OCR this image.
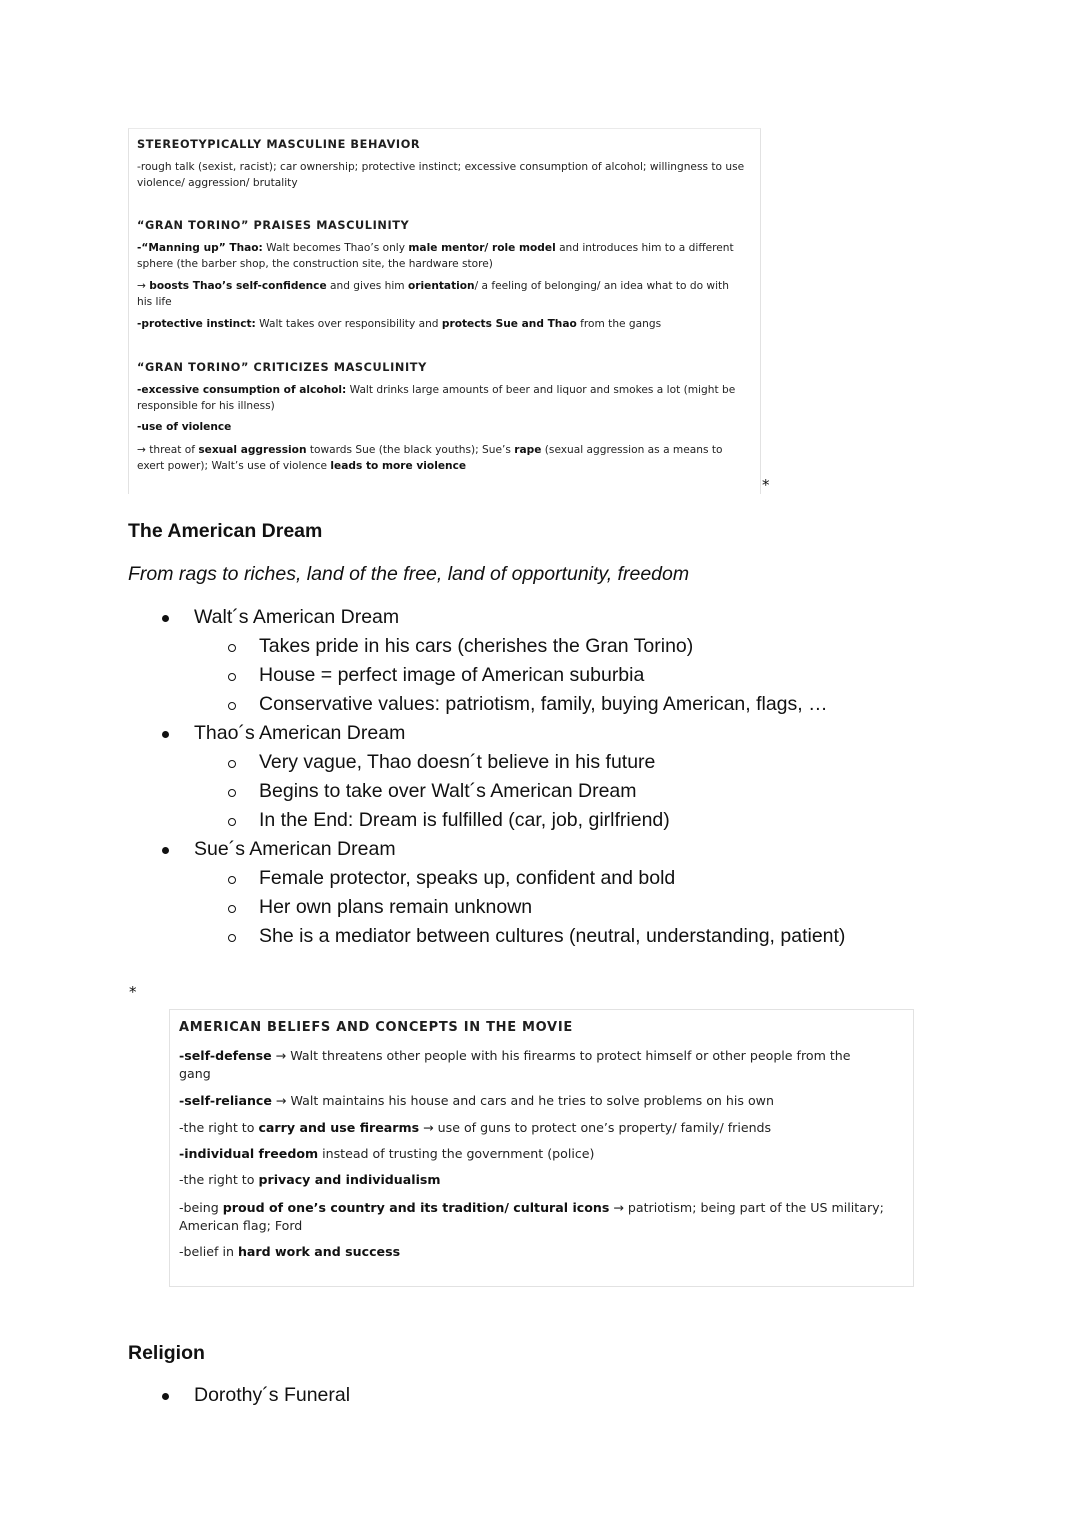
STEREOTYPICALLY MASCULINE BEHAVIOR
-rough talk (sexist, racist); car ownership; protective instinct; excessive consumption of alcohol; willingness to use
violence/ aggression/ brutality
“GRAN TORINO” PRAISES MASCULINITY
-“Manning up” Thao: Walt becomes Thao’s only male mentor/ role model and introduces him to a different
sphere (the barber shop, the construction site, the hardware store)
→ boosts Thao’s self-confidence and gives him orientation/ a feeling of belonging/ an idea what to do with
his life
-protective instinct: Walt takes over responsibility and protects Sue and Thao from the gangs
“GRAN TORINO” CRITICIZES MASCULINITY
-excessive consumption of alcohol: Walt drinks large amounts of beer and liquor and smokes a lot (might be
responsible for his illness)
-use of violence
→ threat of sexual aggression towards Sue (the black youths); Sue’s rape (sexual aggression as a means to
exert power); Walt’s use of violence leads to more violence
*
The American Dream
From rags to riches, land of the free, land of opportunity, freedom
Walt´s American Dream
Takes pride in his cars (cherishes the Gran Torino)
House = perfect image of American suburbia
Conservative values: patriotism, family, buying American, flags, …
Thao´s American Dream
Very vague, Thao doesn´t believe in his future
Begins to take over Walt´s American Dream
In the End: Dream is fulfilled (car, job, girlfriend)
Sue´s American Dream
Female protector, speaks up, confident and bold
Her own plans remain unknown
She is a mediator between cultures (neutral, understanding, patient)
*
AMERICAN BELIEFS AND CONCEPTS IN THE MOVIE
-self-defense → Walt threatens other people with his firearms to protect himself or other people from the
gang
-self-reliance → Walt maintains his house and cars and he tries to solve problems on his own
-the right to carry and use firearms → use of guns to protect one’s property/ family/ friends
-individual freedom instead of trusting the government (police)
-the right to privacy and individualism
-being proud of one’s country and its tradition/ cultural icons → patriotism; being part of the US military;
American flag; Ford
-belief in hard work and success
Religion
Dorothy´s Funeral
